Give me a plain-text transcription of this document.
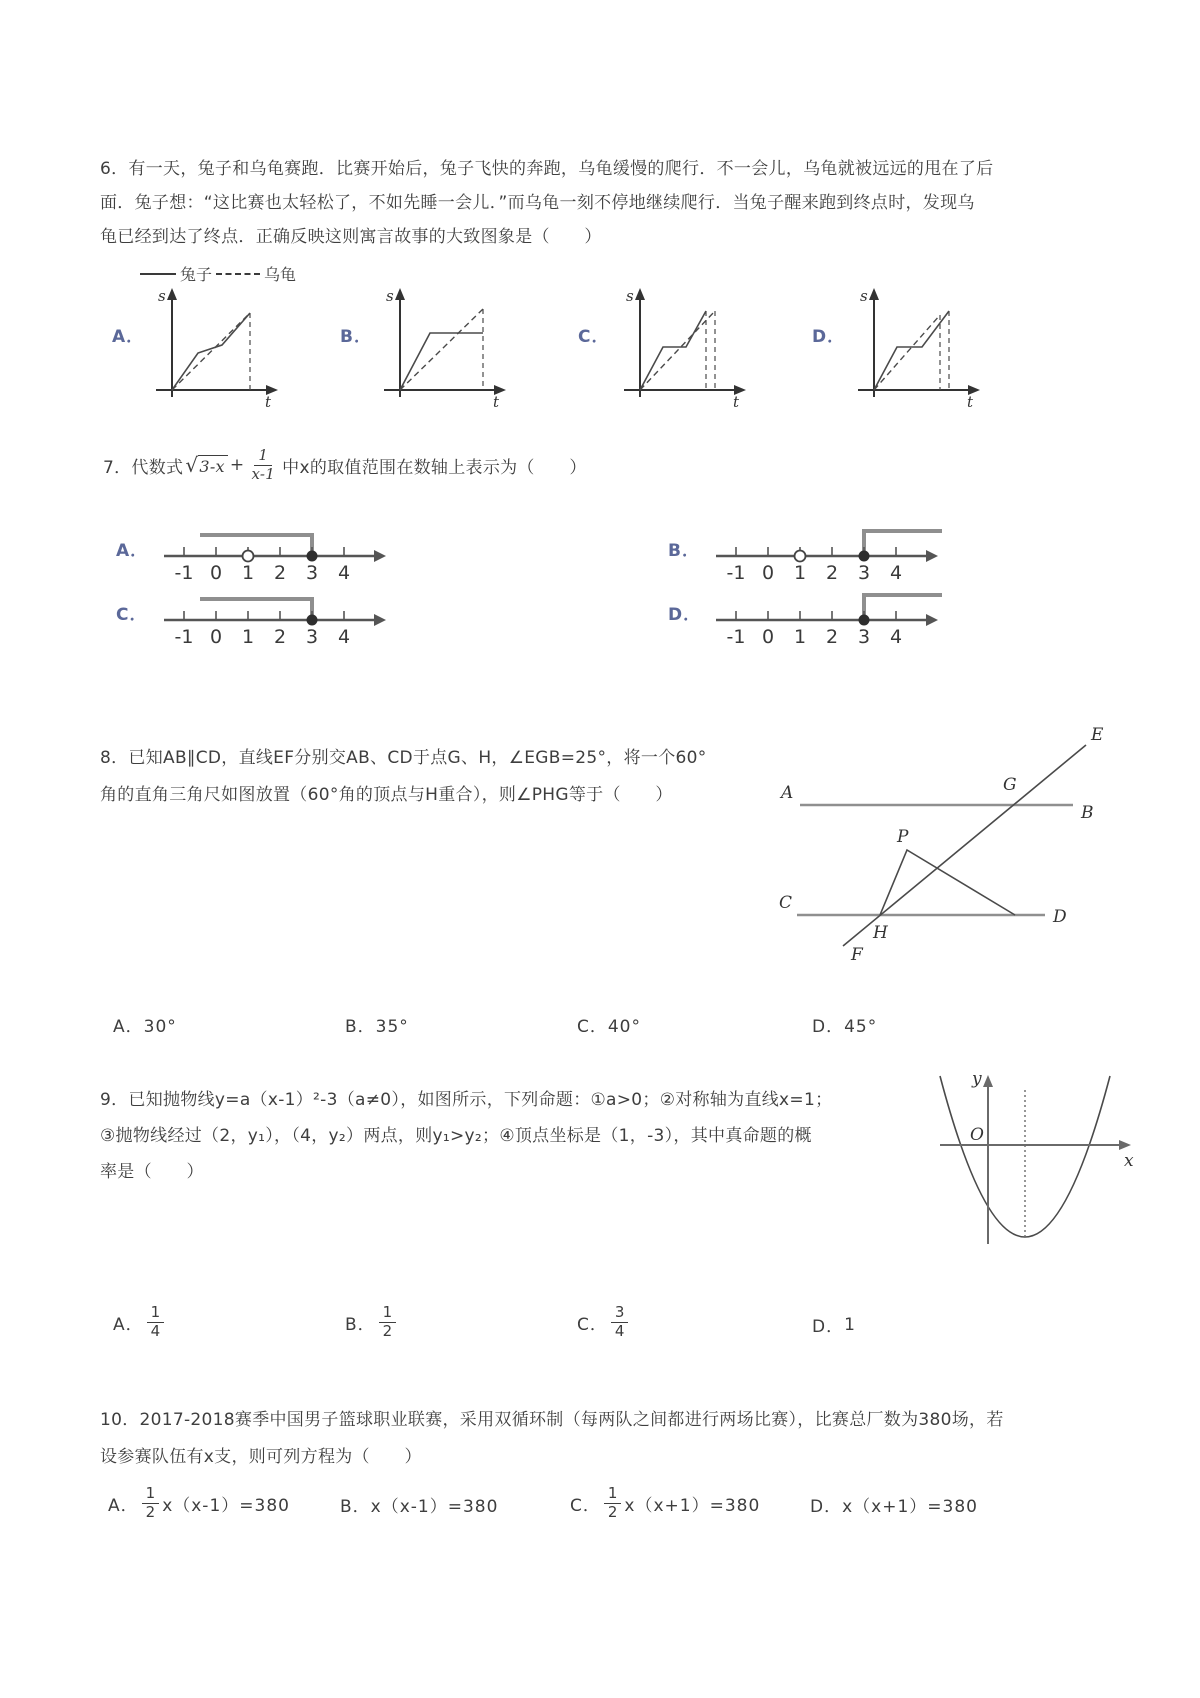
6．有一天，兔子和乌龟赛跑．比赛开始后，兔子飞快的奔跑，乌龟缓慢的爬行．不一会儿，乌龟就被远远的甩在了后

面．兔子想：“这比赛也太轻松了，不如先睡一会儿．”而乌龟一刻不停地继续爬行．当兔子醒来跑到终点时，发现乌

龟已经到达了终点．正确反映这则寓言故事的大致图象是（　　）

兔子	乌龟
A．
s
t
B．
s
t
C．
s
t
D．
s
t
7．代数式 √ $3-x + \frac{1}{x-1}$ 中x的取值范围在数轴上表示为（　　）
A．
-1 0 1 2 3 4
B．
-1 0 1 2 3 4
C．
-1 0 1 2 3 4
D．
-1 0 1 2 3 4

8．已知AB∥CD，直线EF分别交AB、CD于点G、H，∠EGB=25°，将一个60°

角的直角三角尺如图放置（60°角的顶点与H重合），则∠PHG等于（　　）

E
A	G
B
P
C
H
D
F
A．30°	B．35°	C．40°	D．45°

9．已知抛物线y=a（x-1）²-3（a≠0），如图所示，下列命题：①a>0；②对称轴为直线x=1；

③抛物线经过（2，y₁），（4，y₂）两点，则y₁>y₂；④顶点坐标是（1，-3），其中真命题的概

率是（　　）

y
x
O
A． $\frac{1}{4}$	B． $\frac{1}{2}$	C． $\frac{3}{4}$	D． 1

10．2017-2018赛季中国男子篮球职业联赛，采用双循环制（每两队之间都进行两场比赛），比赛总厂数为380场，若

设参赛队伍有x支，则可列方程为（　　）

A． $\frac{1}{2} x(x-1)=380$	B． x（x-1）=380	C． $\frac{1}{2} x(x+1)=380$	D． x（x+1）=380
